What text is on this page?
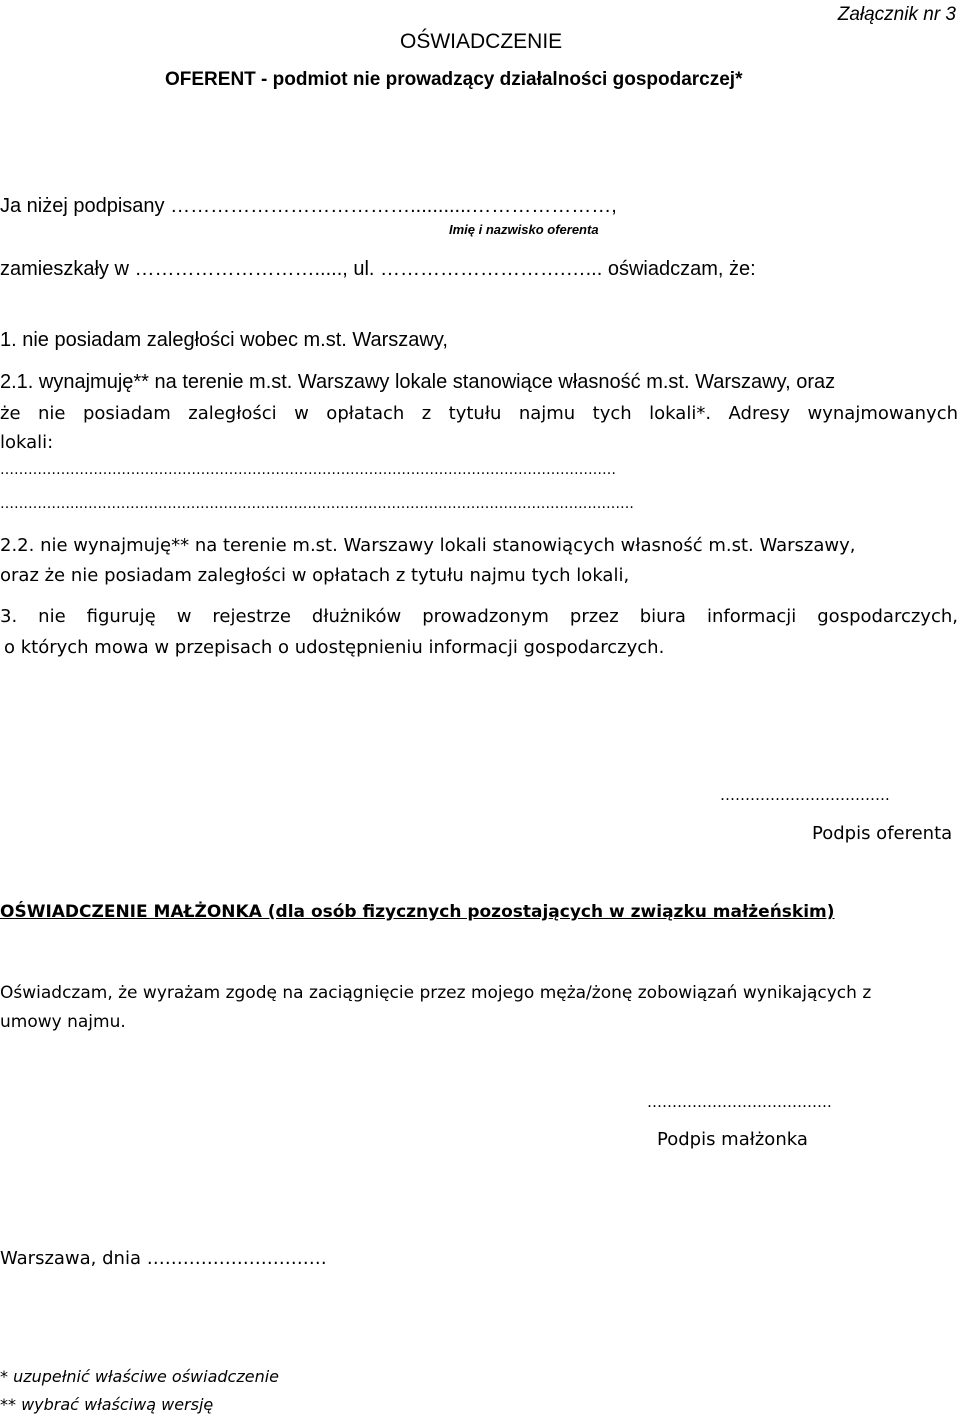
Załącznik nr 3
OŚWIADCZENIE
OFERENT - podmiot nie prowadzący działalności gospodarczej*
Ja niżej podpisany ………………………………...........…………………,
Imię i nazwisko oferenta
zamieszkały w ………………………....., ul. ……………………….…... oświadczam, że:
1. nie posiadam zaległości wobec m.st. Warszawy,
2.1. wynajmuję** na terenie m.st. Warszawy lokale stanowiące własność m.st. Warszawy, oraz
że nie posiadam zaległości w opłatach z tytułu najmu tych lokali*. Adresy wynajmowanych
lokali:
……………………………………………………………………………………………………………………
……………...……………………………………………………………………………………………………….
2.2. nie wynajmuję** na terenie m.st. Warszawy lokali stanowiących własność m.st. Warszawy,
oraz że nie posiadam zaległości w opłatach z tytułu najmu tych lokali,
3. nie figuruję w rejestrze dłużników prowadzonym przez biura informacji gospodarczych,
o których mowa w przepisach o udostępnieniu informacji gospodarczych.
…………………………….
Podpis oferenta
OŚWIADCZENIE MAŁŻONKA (dla osób fizycznych pozostających w związku małżeńskim)
Oświadczam, że wyrażam zgodę na zaciągnięcie przez mojego męża/żonę zobowiązań wynikających z
umowy najmu.
……………………………….
Podpis małżonka
Warszawa, dnia …………………………
* uzupełnić właściwe oświadczenie
** wybrać właściwą wersję
